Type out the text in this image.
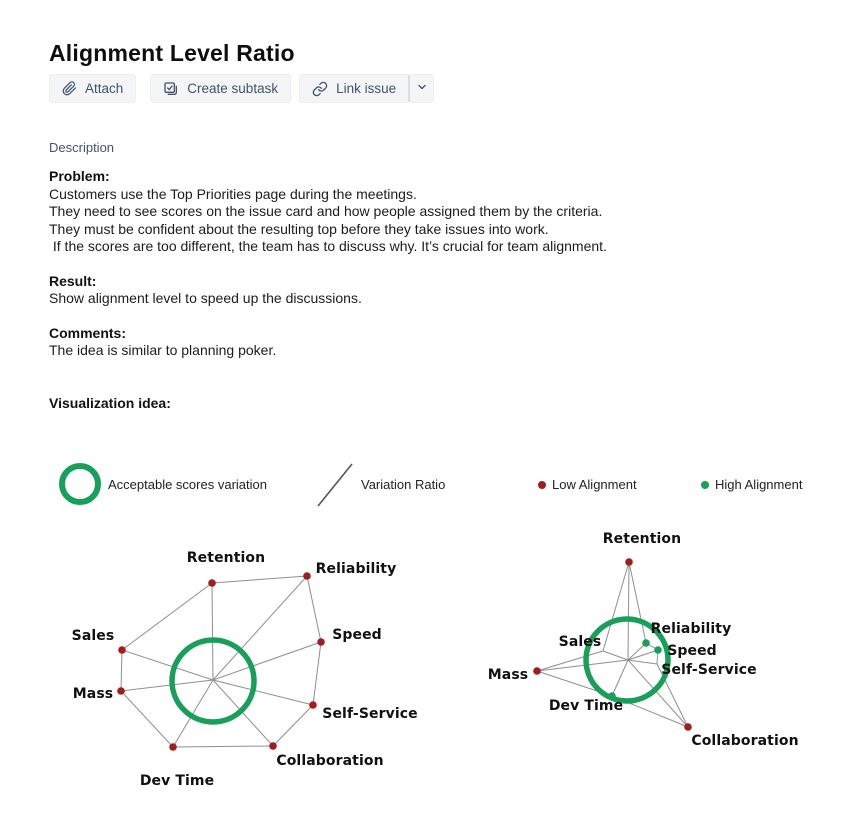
Alignment Level Ratio
Attach	Create subtask	Link issue
Description
Problem:
Customers use the Top Priorities page during the meetings.
They need to see scores on the issue card and how people assigned them by the criteria.
They must be confident about the resulting top before they take issues into work.
If the scores are too different, the team has to discuss why. It’s crucial for team alignment.
Result:
Show alignment level to speed up the discussions.
Comments:
The idea is similar to planning poker.
Visualization idea:
Acceptable scores variation	Variation Ratio	Low Alignment	High Alignment
Retention
Reliability
Speed
Self-Service
Collaboration
Dev Time
Mass
Sales
Retention
Reliability
Speed
Self-Service
Collaboration
Dev Time
Mass
Sales
